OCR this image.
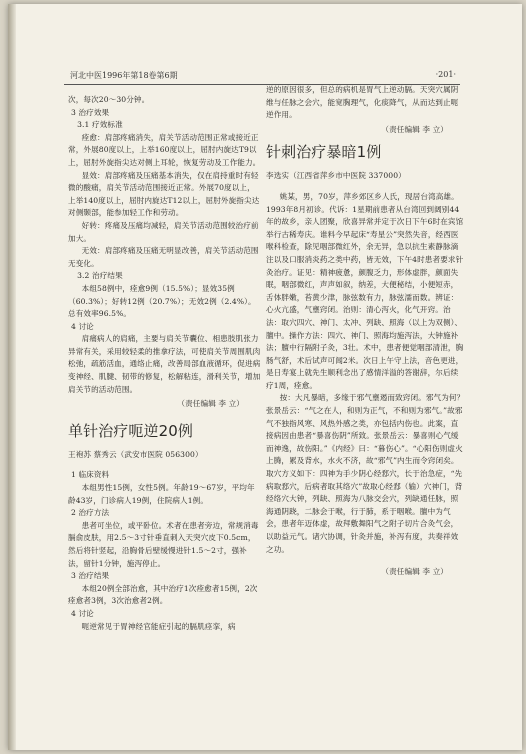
河北中医1996年第18卷第6期	·201·

次，每次20～30分钟。

3 治疗效果

3.1 疗效标准

痊愈：肩部疼痛消失，肩关节活动范围正常或接近正常，外展80度以上，上举160度以上，屈肘内旋达T9以上，屈肘外旋指尖达对侧上耳轮，恢复劳动及工作能力。

显效：肩部疼痛及压痛基本消失，仅在肩持重时有轻微的酸痛，肩关节活动范围接近正常。外展70度以上，上举140度以上，屈肘内旋达T12以上，屈肘外旋指尖达对侧颞部，能参加轻工作和劳动。

好转：疼痛及压痛均减轻，肩关节活动范围较治疗前加大。

无效：肩部疼痛及压痛无明显改善，肩关节活动范围无变化。

3.2 治疗结果

本组58例中，痊愈9例（15.5%）；显效35例（60.3%）；好转12例（20.7%）；无效2例（2.4%）。总有效率96.5%。

4 讨论

肩痛病人的肩痛，主要与肩关节囊位、相患肢肌张力异常有关，采用较轻柔的推拿疗法，可使肩关节周围肌肉松弛，疏筋活血，通络止痛，改善局部血液循环，促进病变神经、肌腱、韧带的修复，松解粘连，滑利关节，增加肩关节的活动范围。

（责任编辑 李 立）
单针治疗呃逆20例
王袍苏 蔡秀云（武安市医院 056300）

1 临床资料

本组男性15例，女性5例。年龄19～67岁，平均年龄43岁，门诊病人19例，住院病人1例。

2 治疗方法

患者可坐位，或平卧位。术者在患者旁边，常规消毒膈俞皮肤，用2.5～3寸针垂直刺入天突穴皮下0.5cm，然后将针竖起，沿胸骨后壁缓慢进针1.5～2寸，强补法，留针1分钟，施泻停止。

3 治疗结果

本组20例全部治愈，其中治疗1次痊愈者15例，2次痊愈者3例，3次治愈者2例。

4 讨论

呃逆常见于胃神经官能症引起的膈肌痉挛，病

逆的原因很多，但总的病机是胃气上逆动膈。天突穴属阴维与任脉之会穴，能宽胸理气，化痰降气，从而达到止呃逆作用。

（责任编辑 李 立）
针刺治疗暴暗1例
李选实（江西省萍乡市中医院 337000）

姚某，男，70岁，萍乡郊区乡人氏，现居台湾高雄。1993年8月初诊。代诉：1星期前患者从台湾回到阔别44年的故乡，亲人团聚，欣喜异常并定于次日下午6时在宾馆举行古稀寿庆。谁料今早起床“寿星公”突然失音，经西医喉科检查，除见咽部微红外，余无异，急以抗生素静脉滴注以及口服消炎药之类中药，皆无效，下午4时患者要求针灸治疗。证见：精神疲惫，颜腹乏力，形体虚胖，颜面失眠，咽部微红，声声如叙，纳差，大便秘结，小便短赤，舌体胖嫩，苔黄少津，脉弦数有力，脉弦濡而数。辨证：心火亢盛，气壅窍闭。治则：清心泻火，化气开窍。治法：取穴四穴、神门、太冲、列缺、照海（以上为双侧）、膻中。操作方法：四穴、神门、照海均施泻法，大钟施补法；膻中行隔附子灸，3壮。术中，患者便觉咽部清泄，胸肠气舒，术后试声可闻2米。次日上午守上法，音色更进，是日寿宴上就先生顺利念出了感情洋溢的答谢辞，尔后续疗1周，痊愈。

按：大凡暴暗，多缘于邪气壅遏而致窍闭。邪气为何？张景岳云：“气之在人，和则为正气，不和则为邪气。”故邪气不独指风寒、风热外感之类，亦包括内伤也。此案，直接病因由患者“暴喜伤阴”所致。张景岳云：暴喜则心气缓而神逸，故伤阳。”《内经》曰：“暮伤心”。“心阳伤则虚火上腾，累及背水，水火不济，故“邪气”内生而令窍闭矣。取穴方义如下：四神为手少阴心经郄穴，长于治急症，“先病取郄穴，后病者取其络穴”故取心经郄（输）穴神门，背经络穴大钟，列缺、照海为八脉交会穴，列缺通任脉，照海通阴跷，二脉会于喉，行于肺，系于咽喉。膻中为气会，患者年迈体虚，故拜敷舞阳气之附子切片合灸气会，以助益元气。诸穴协调，针灸并施，补泻有度，共奏祥效之功。

（责任编辑 李 立）
